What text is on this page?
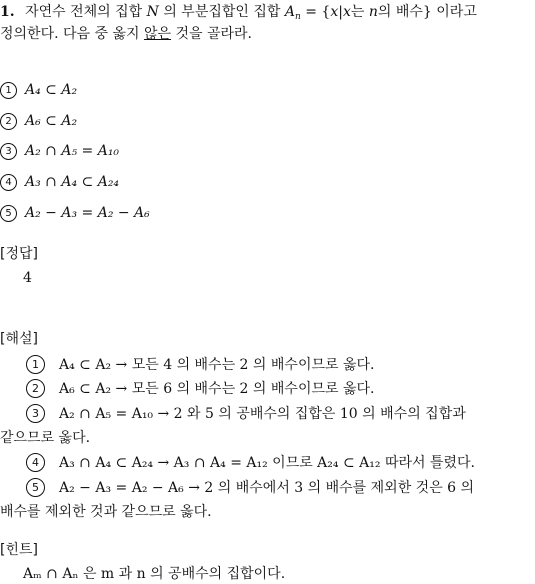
1. 자연수 전체의 집합 N 의 부분집합인 집합 $A_n = \{x|x$는 n의 배수} 이라고
정의한다. 다음 중 옳지 않은 것을 골라라.
1 A₄ ⊂ A₂
2 A₆ ⊂ A₂
3 A₂ ∩ A₅ = A₁₀
4 A₃ ∩ A₄ ⊂ A₂₄
5 A₂ − A₃ = A₂ − A₆
[정답]
4
[해설]
1 A₄ ⊂ A₂ → 모든 4 의 배수는 2 의 배수이므로 옳다.
2 A₆ ⊂ A₂ → 모든 6 의 배수는 2 의 배수이므로 옳다.
3 A₂ ∩ A₅ = A₁₀ → 2 와 5 의 공배수의 집합은 10 의 배수의 집합과
같으므로 옳다.
4 A₃ ∩ A₄ ⊂ A₂₄ → A₃ ∩ A₄ = A₁₂ 이므로 A₂₄ ⊂ A₁₂ 따라서 틀렸다.
5 A₂ − A₃ = A₂ − A₆ → 2 의 배수에서 3 의 배수를 제외한 것은 6 의
배수를 제외한 것과 같으므로 옳다.
[힌트]
Aₘ ∩ Aₙ 은 m 과 n 의 공배수의 집합이다.
